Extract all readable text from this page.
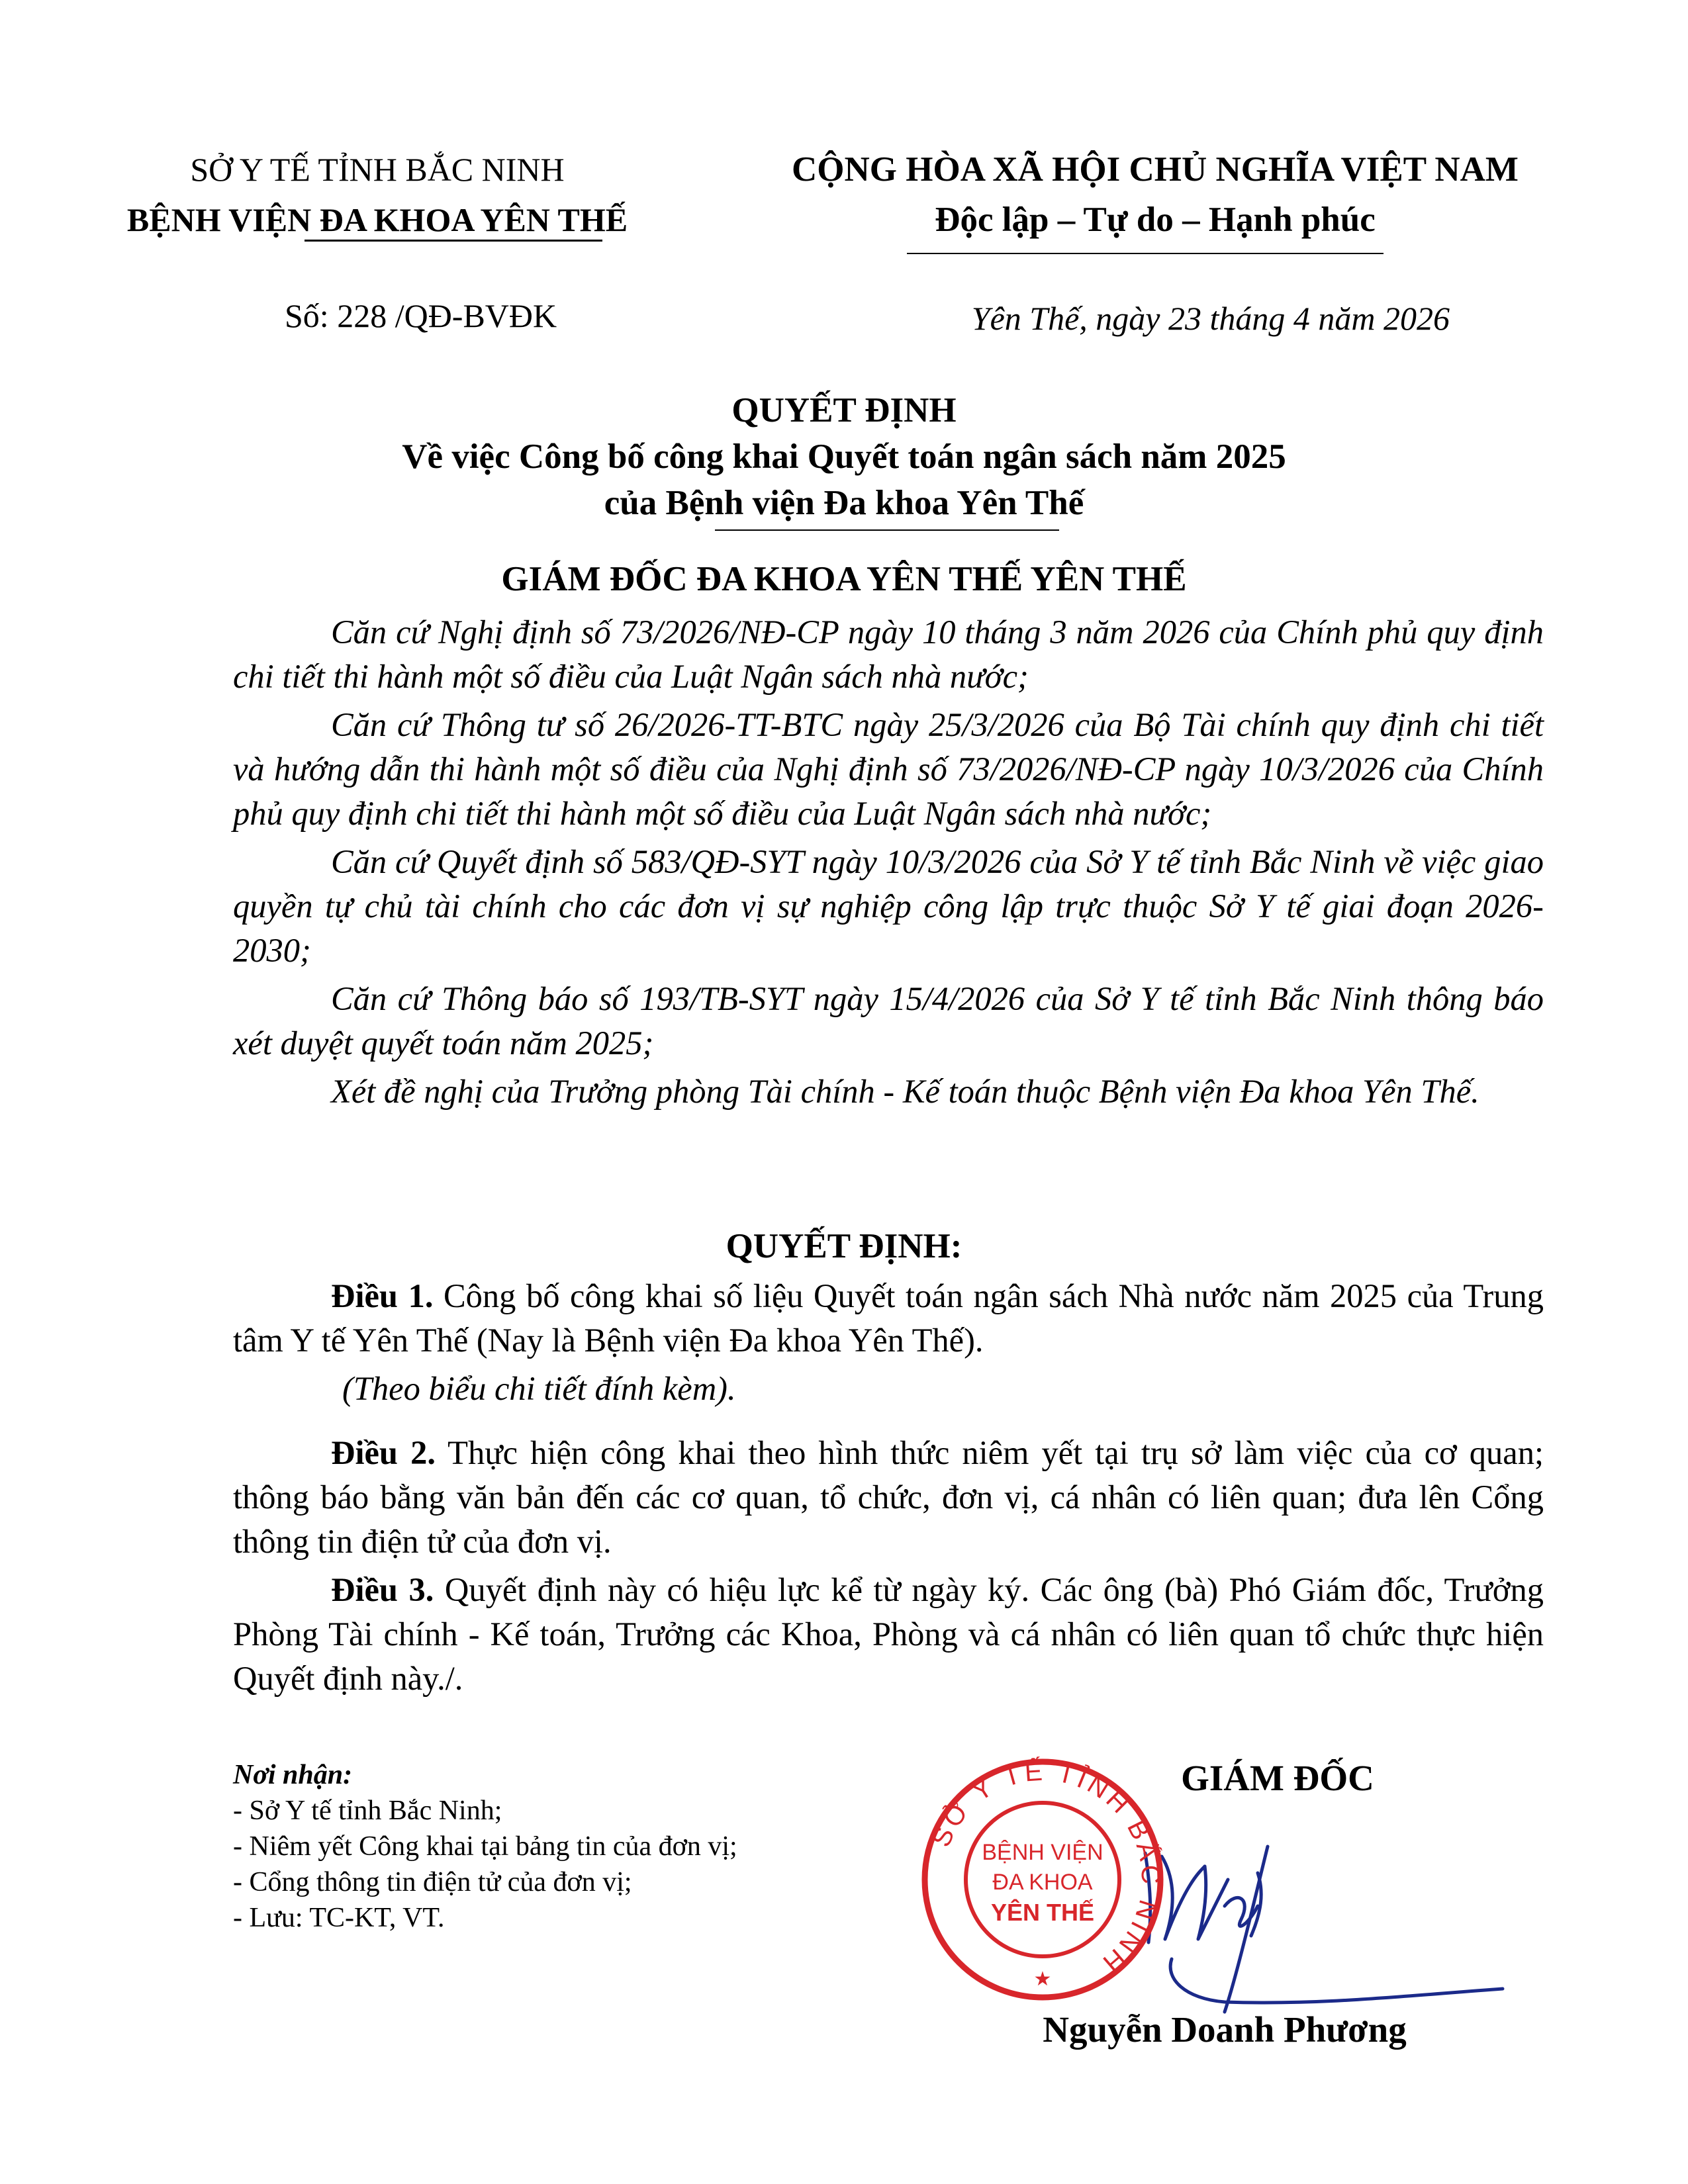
SỞ Y TẾ TỈNH BẮC NINH
BỆNH VIỆN ĐA KHOA YÊN THẾ
CỘNG HÒA XÃ HỘI CHỦ NGHĨA VIỆT NAM
Độc lập – Tự do – Hạnh phúc
Số: 228 /QĐ-BVĐK	Yên Thế, ngày 23 tháng 4 năm 2026
QUYẾT ĐỊNH
Về việc Công bố công khai Quyết toán ngân sách năm 2025
của Bệnh viện Đa khoa Yên Thế
GIÁM ĐỐC ĐA KHOA YÊN THẾ YÊN THẾ

Căn cứ Nghị định số 73/2026/NĐ-CP ngày 10 tháng 3 năm 2026 của Chính phủ quy định chi tiết thi hành một số điều của Luật Ngân sách nhà nước;

Căn cứ Thông tư số 26/2026-TT-BTC ngày 25/3/2026 của Bộ Tài chính quy định chi tiết và hướng dẫn thi hành một số điều của Nghị định số 73/2026/NĐ-CP ngày 10/3/2026 của Chính phủ quy định chi tiết thi hành một số điều của Luật Ngân sách nhà nước;

Căn cứ Quyết định số 583/QĐ-SYT ngày 10/3/2026 của Sở Y tế tỉnh Bắc Ninh về việc giao quyền tự chủ tài chính cho các đơn vị sự nghiệp công lập trực thuộc Sở Y tế giai đoạn 2026-2030;

Căn cứ Thông báo số 193/TB-SYT ngày 15/4/2026 của Sở Y tế tỉnh Bắc Ninh thông báo xét duyệt quyết toán năm 2025;

Xét đề nghị của Trưởng phòng Tài chính - Kế toán thuộc Bệnh viện Đa khoa Yên Thế.

QUYẾT ĐỊNH:

Điều 1. Công bố công khai số liệu Quyết toán ngân sách Nhà nước năm 2025 của Trung tâm Y tế Yên Thế (Nay là Bệnh viện Đa khoa Yên Thế).

(Theo biểu chi tiết đính kèm).

Điều 2. Thực hiện công khai theo hình thức niêm yết tại trụ sở làm việc của cơ quan; thông báo bằng văn bản đến các cơ quan, tổ chức, đơn vị, cá nhân có liên quan; đưa lên Cổng thông tin điện tử của đơn vị.

Điều 3. Quyết định này có hiệu lực kể từ ngày ký. Các ông (bà) Phó Giám đốc, Trưởng Phòng Tài chính - Kế toán, Trưởng các Khoa, Phòng và cá nhân có liên quan tổ chức thực hiện Quyết định này./.

Nơi nhận:
- Sở Y tế tỉnh Bắc Ninh;
- Niêm yết Công khai tại bảng tin của đơn vị;
- Cổng thông tin điện tử của đơn vị;
- Lưu: TC-KT, VT.
GIÁM ĐỐC
SỞ Y TẾ TỈNH BẮC NINH
BỆNH VIỆN
ĐA KHOA
YÊN THẾ
★
Nguyễn Doanh Phương
